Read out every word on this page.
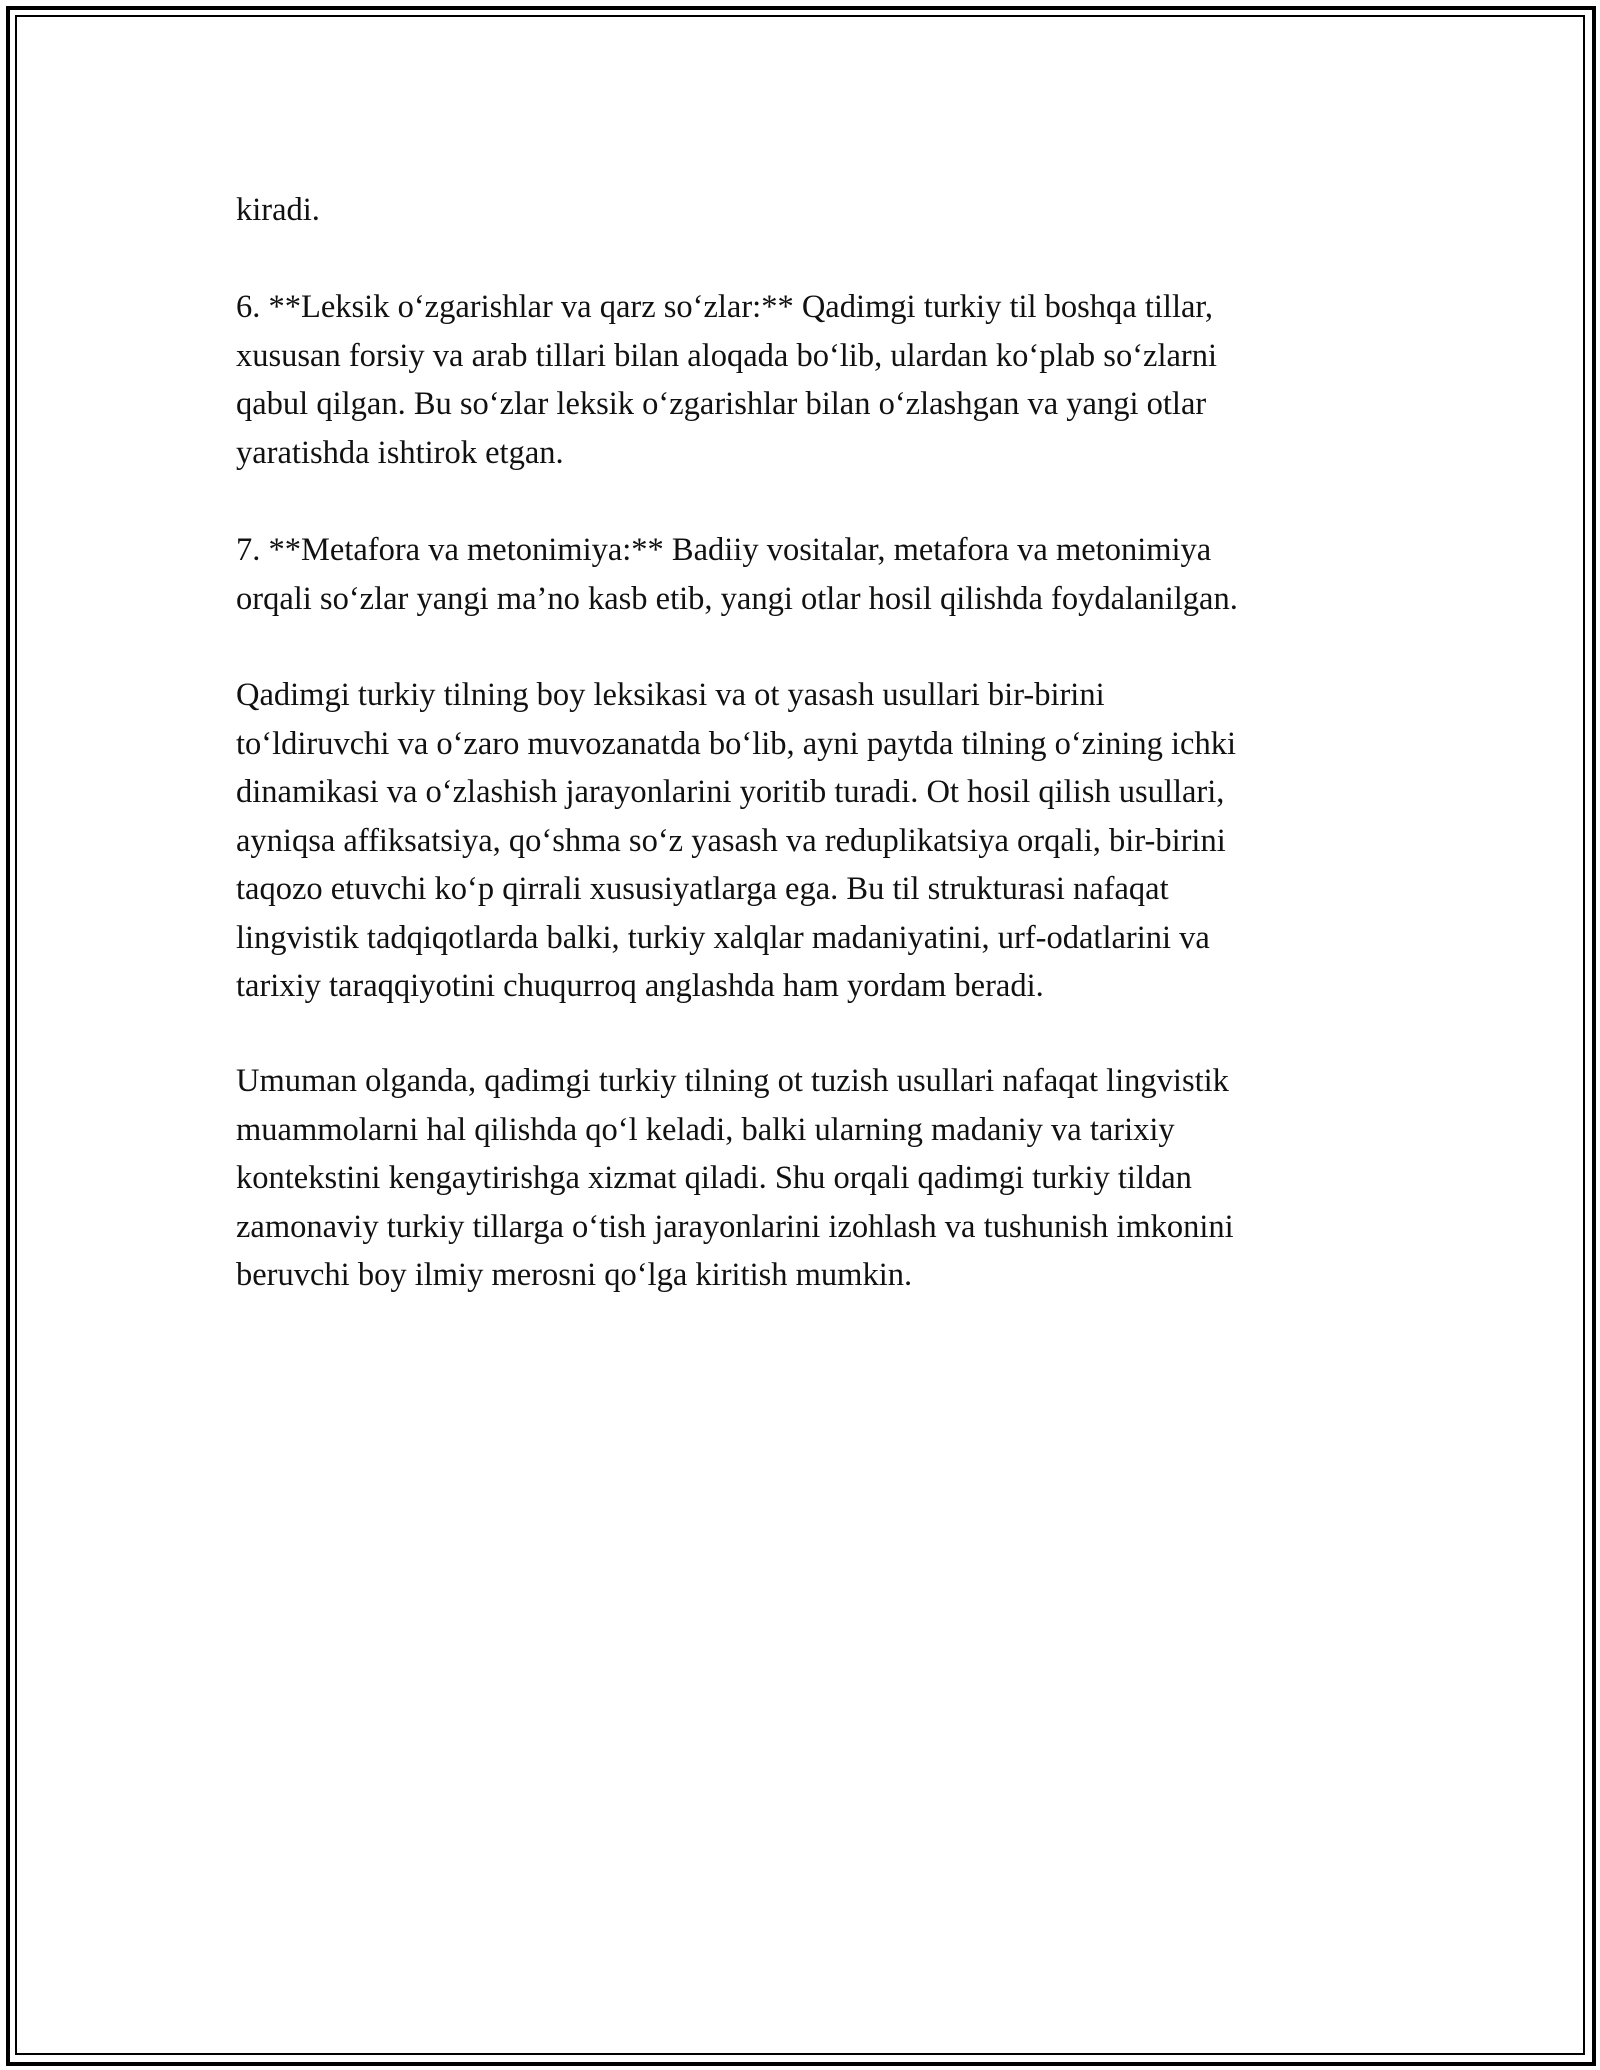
kiradi.
6. **Leksik o‘zgarishlar va qarz so‘zlar:** Qadimgi turkiy til boshqa tillar,
xususan forsiy va arab tillari bilan aloqada bo‘lib, ulardan ko‘plab so‘zlarni
qabul qilgan. Bu so‘zlar leksik o‘zgarishlar bilan o‘zlashgan va yangi otlar
yaratishda ishtirok etgan.
7. **Metafora va metonimiya:** Badiiy vositalar, metafora va metonimiya
orqali so‘zlar yangi ma’no kasb etib, yangi otlar hosil qilishda foydalanilgan.
Qadimgi turkiy tilning boy leksikasi va ot yasash usullari bir-birini
to‘ldiruvchi va o‘zaro muvozanatda bo‘lib, ayni paytda tilning o‘zining ichki
dinamikasi va o‘zlashish jarayonlarini yoritib turadi. Ot hosil qilish usullari,
ayniqsa affiksatsiya, qo‘shma so‘z yasash va reduplikatsiya orqali, bir-birini
taqozo etuvchi ko‘p qirrali xususiyatlarga ega. Bu til strukturasi nafaqat
lingvistik tadqiqotlarda balki, turkiy xalqlar madaniyatini, urf-odatlarini va
tarixiy taraqqiyotini chuqurroq anglashda ham yordam beradi.
Umuman olganda, qadimgi turkiy tilning ot tuzish usullari nafaqat lingvistik
muammolarni hal qilishda qo‘l keladi, balki ularning madaniy va tarixiy
kontekstini kengaytirishga xizmat qiladi. Shu orqali qadimgi turkiy tildan
zamonaviy turkiy tillarga o‘tish jarayonlarini izohlash va tushunish imkonini
beruvchi boy ilmiy merosni qo‘lga kiritish mumkin.
